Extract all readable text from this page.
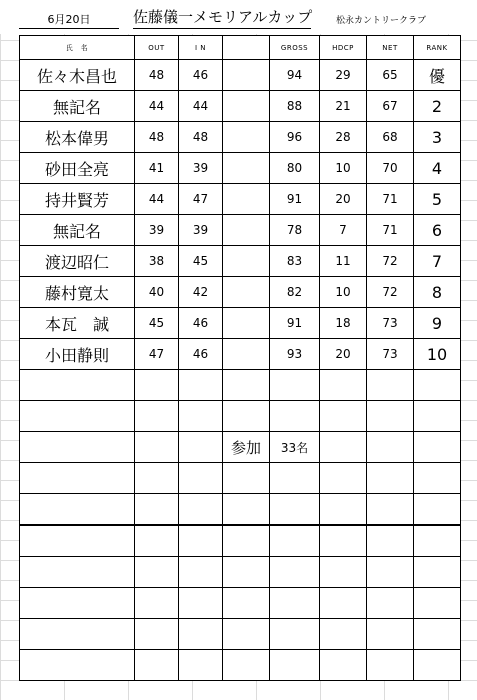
6月20日	佐藤儀一メモリアルカップ	松永カントリークラブ
氏　名	OUT	I N		GROSS	HDCP	NET	RANK
佐々木昌也	48	46		94	29	65	優
無記名	44	44		88	21	67	2
松本偉男	48	48		96	28	68	3
砂田全亮	41	39		80	10	70	4
持井賢芳	44	47		91	20	71	5
無記名	39	39		78	7	71	6
渡辺昭仁	38	45		83	11	72	7
藤村寛太	40	42		82	10	72	8
本瓦　誠	45	46		91	18	73	9
小田静則	47	46		93	20	73	10

			参加	33名			
